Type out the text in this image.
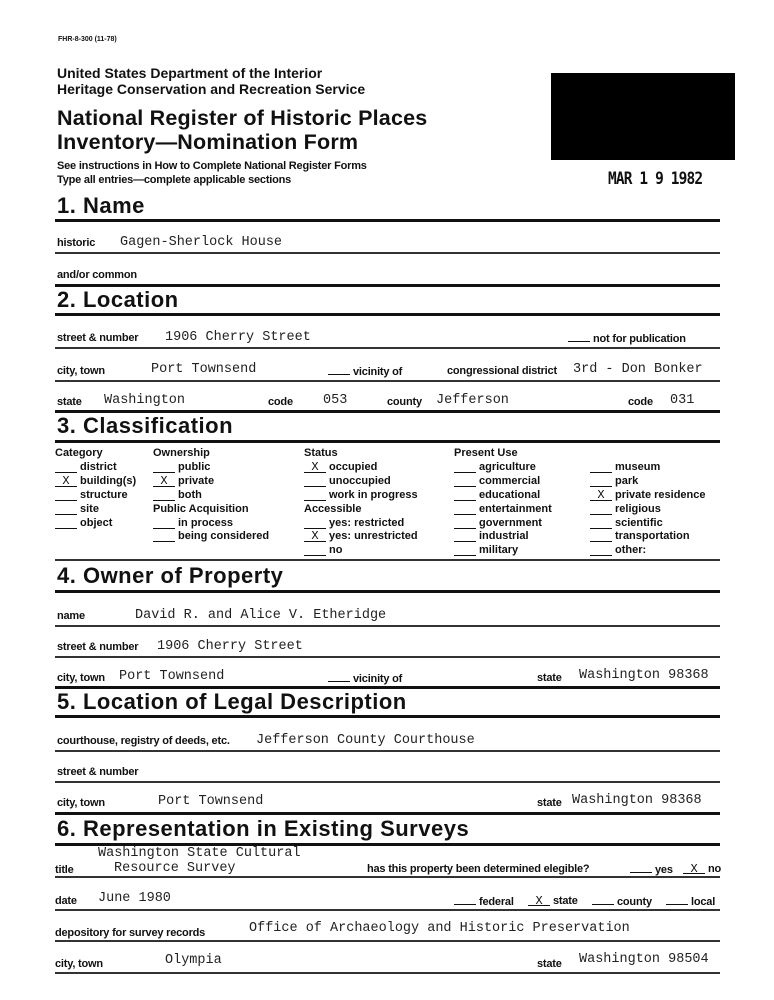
FHR-8-300 (11-78)
United States Department of the Interior
Heritage Conservation and Recreation Service
National Register of Historic Places
Inventory—Nomination Form
See instructions in How to Complete National Register Forms
Type all entries—complete applicable sections	MAR 1 9 1982
1. Name
historic Gagen-Sherlock House
and/or common
2. Location
street & number 1906 Cherry Street	not for publication
city, town	Port Townsend	vicinity of	congressional district 3rd - Don Bonker
state Washington	code 053	county Jefferson	code 031
3. Classification
Category
district
X building(s)
structure
site
object
Ownership
public
X private
both
Public Acquisition
in process
being considered
Status
X occupied
unoccupied
work in progress
Accessible
yes: restricted
X yes: unrestricted
no
Present Use
agriculture
commercial
educational
entertainment
government
industrial
military
museum
park
X private residence
religious
scientific
transportation
other:
4. Owner of Property
name	David R. and Alice V. Etheridge
street & number 1906 Cherry Street
city, town Port Townsend	vicinity of	state Washington 98368
5. Location of Legal Description
courthouse, registry of deeds, etc. Jefferson County Courthouse
street & number
city, town	Port Townsend	state Washington 98368
6. Representation in Existing Surveys
Washington State Cultural
title	Resource Survey	has this property been determined elegible?	yes	X no
date June 1980	federal	X state	county	local
depository for survey records	Office of Archaeology and Historic Preservation
city, town	Olympia	state Washington 98504
